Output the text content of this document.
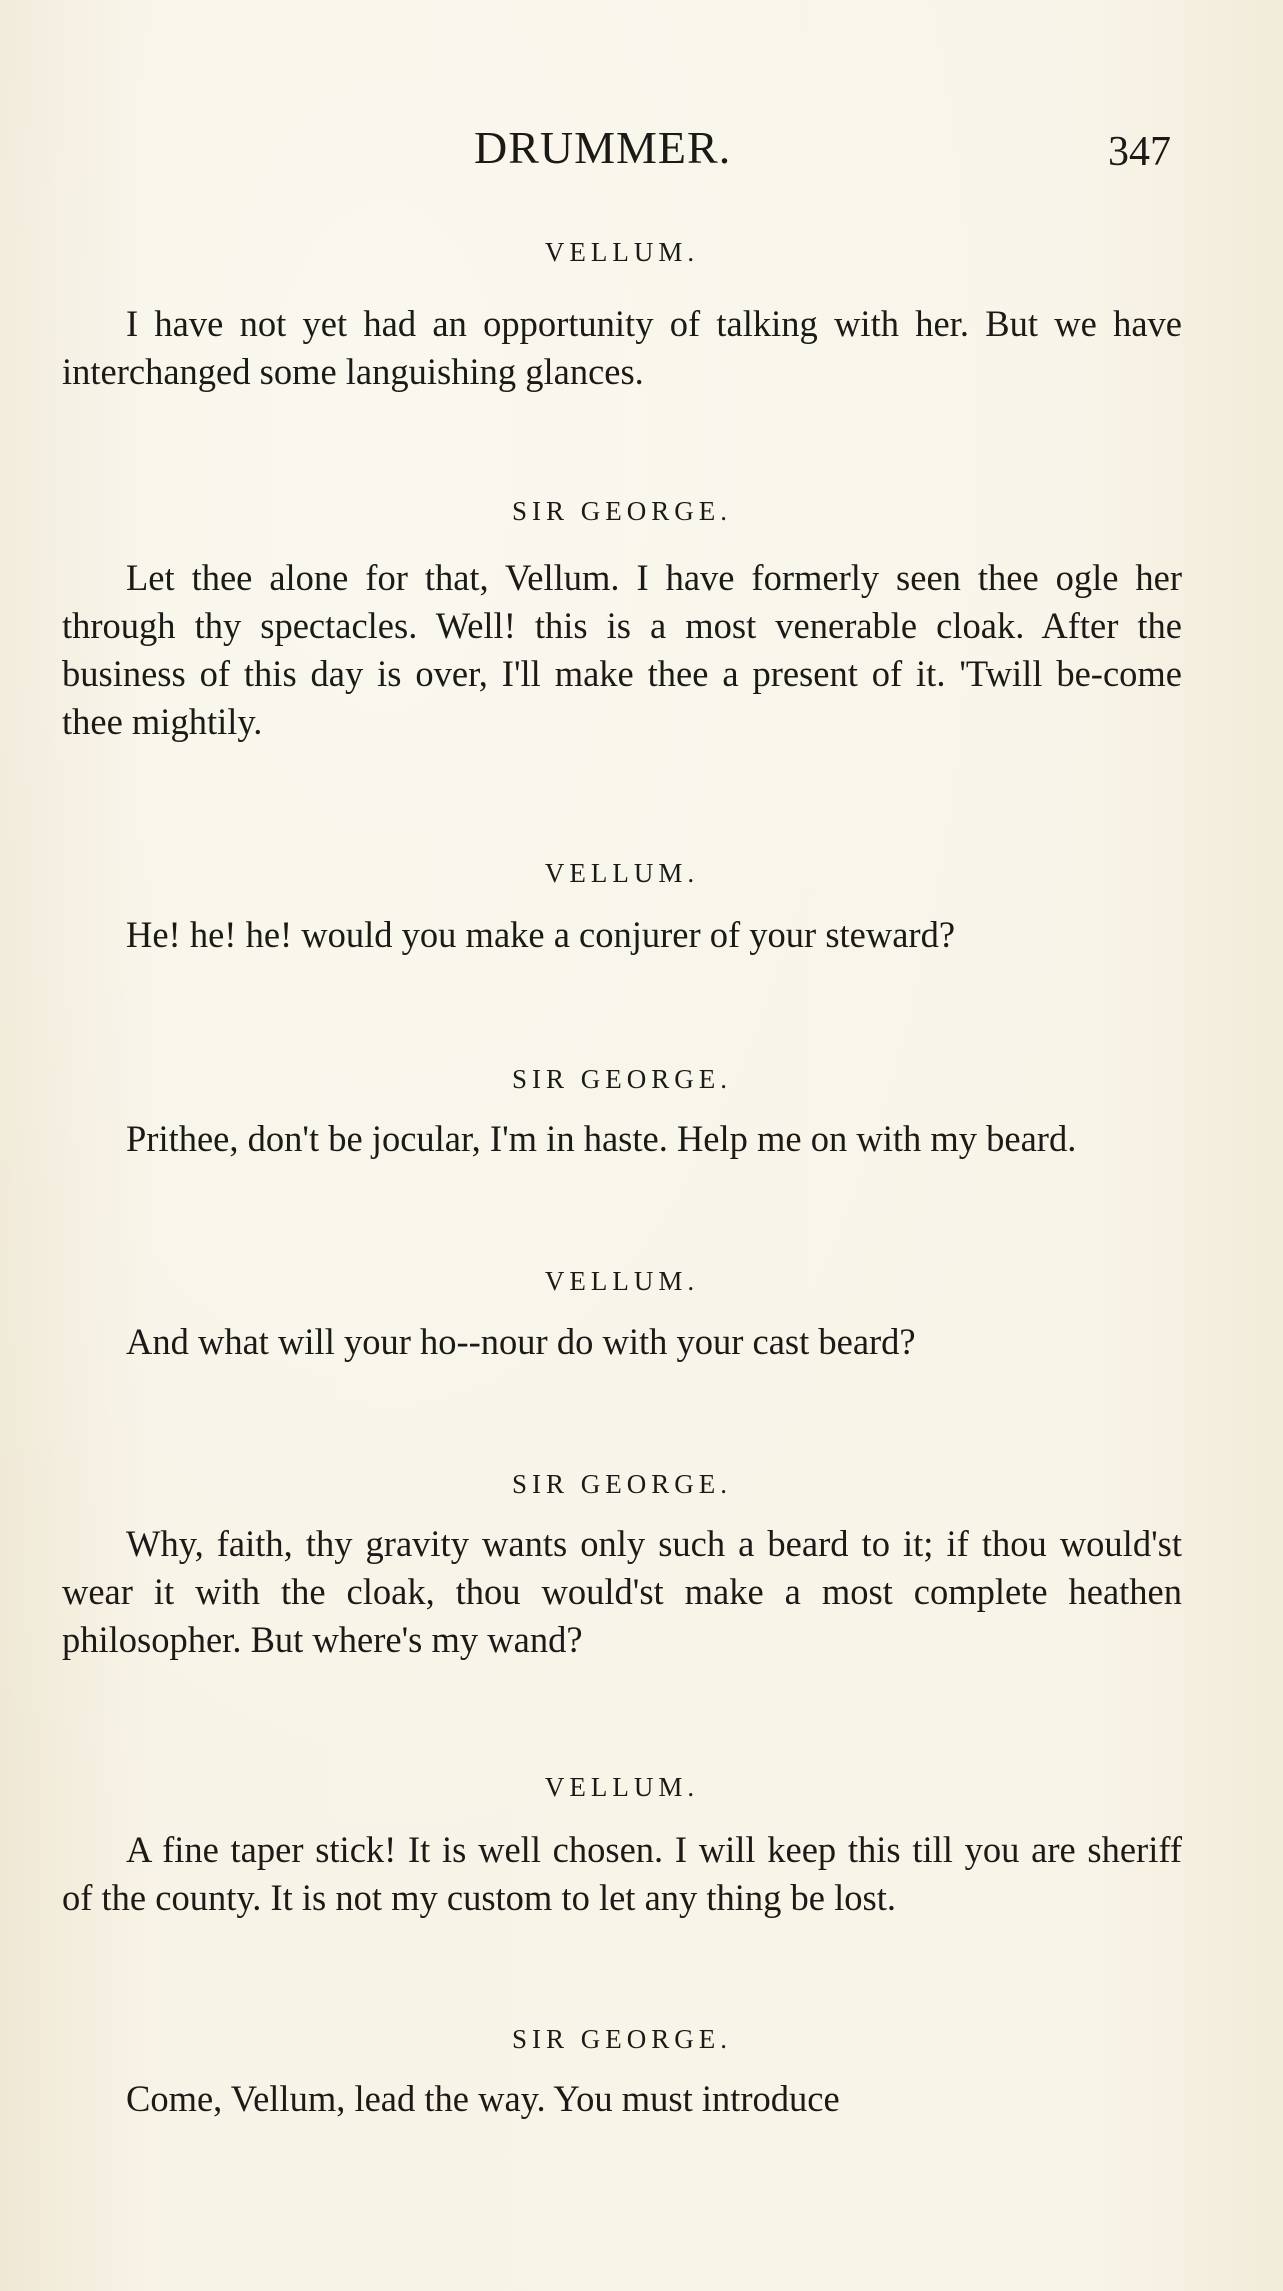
DRUMMER.	347
VELLUM.

I have not yet had an opportunity of talking with her. But we have interchanged some languishing glances.

SIR GEORGE.

Let thee alone for that, Vellum. I have formerly seen thee ogle her through thy spectacles. Well! this is a most venerable cloak. After the business of this day is over, I'll make thee a present of it. 'Twill be-come thee mightily.

VELLUM.

He! he! he! would you make a conjurer of your steward?

SIR GEORGE.

Prithee, don't be jocular, I'm in haste. Help me on with my beard.

VELLUM.

And what will your ho--nour do with your cast beard?

SIR GEORGE.

Why, faith, thy gravity wants only such a beard to it; if thou would'st wear it with the cloak, thou would'st make a most complete heathen philosopher. But where's my wand?

VELLUM.

A fine taper stick! It is well chosen. I will keep this till you are sheriff of the county. It is not my custom to let any thing be lost.

SIR GEORGE.

Come, Vellum, lead the way. You must introduce
